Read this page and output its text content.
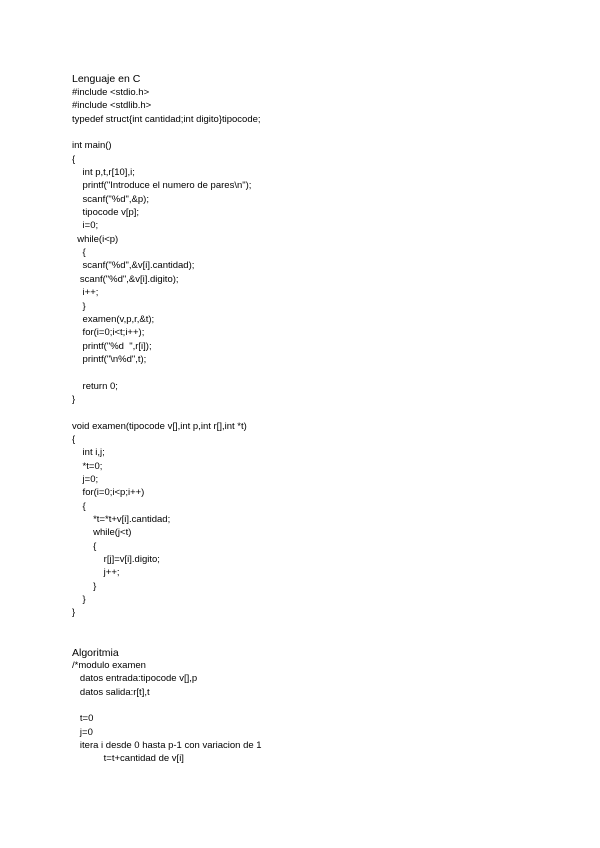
Lenguaje en C
#include <stdio.h>
#include <stdlib.h>
typedef struct{int cantidad;int digito}tipocode;
int main()
{
int p,t,r[10],i;
printf("Introduce el numero de pares\n");
scanf("%d",&p);
tipocode v[p];
i=0;
while(i<p)
{
scanf("%d",&v[i].cantidad);
scanf("%d",&v[i].digito);
i++;
}
examen(v,p,r,&t);
for(i=0;i<t;i++);
printf("%d  ",r[i]);
printf("\n%d",t);
return 0;
}
void examen(tipocode v[],int p,int r[],int *t)
{
int i,j;
*t=0;
j=0;
for(i=0;i<p;i++)
{
*t=*t+v[i].cantidad;
while(j<t)
{
r[j]=v[i].digito;
j++;
}
}
}
Algoritmia
/*modulo examen
datos entrada:tipocode v[],p
datos salida:r[t],t
t=0
j=0
itera i desde 0 hasta p-1 con variacion de 1
t=t+cantidad de v[i]
